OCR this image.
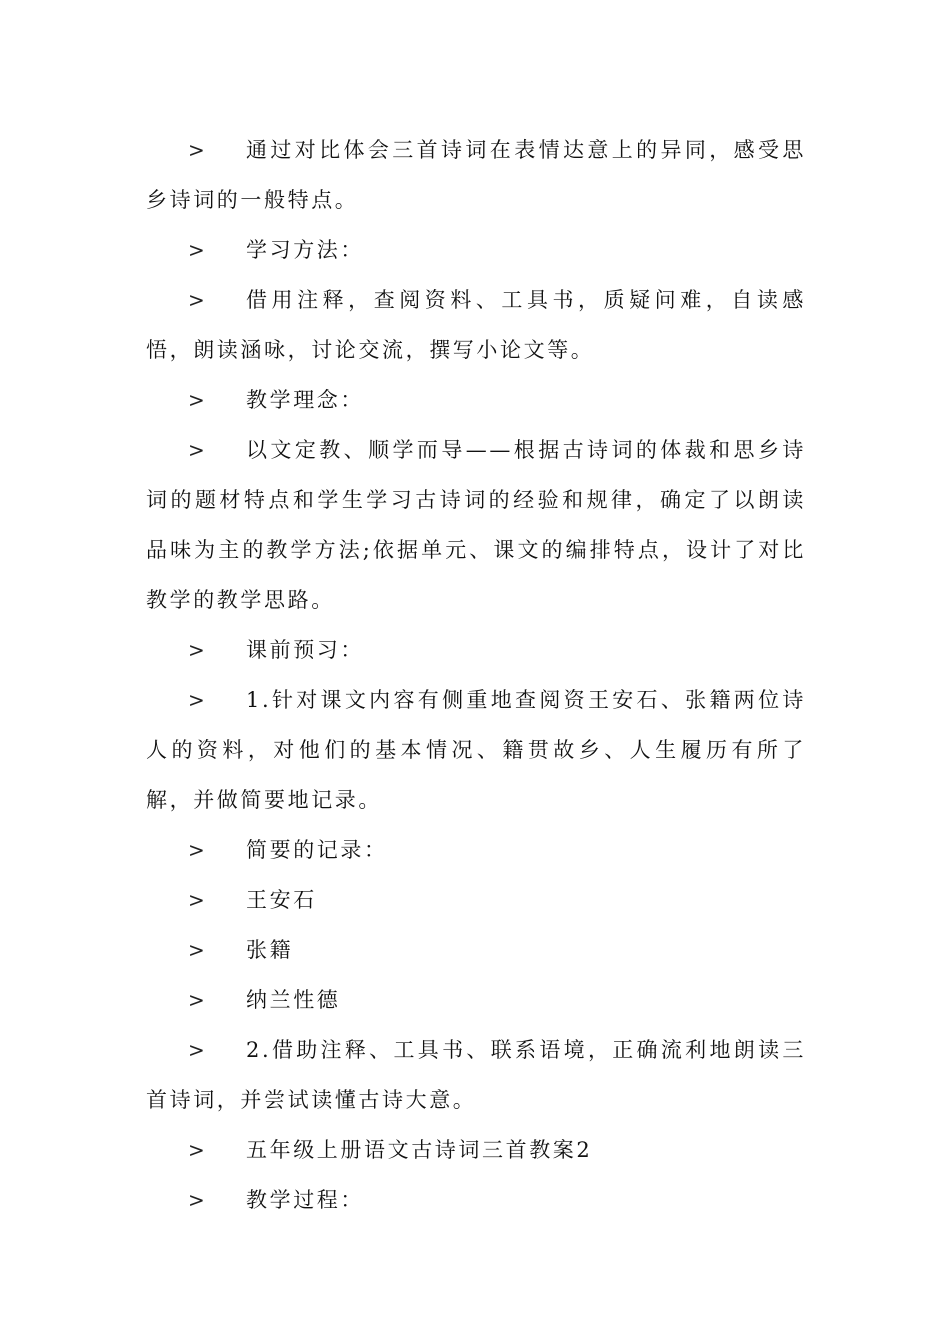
> 通过对比体会三首诗词在表情达意上的异同，感受思乡诗词的一般特点。

> 学习方法：

> 借用注释，查阅资料、工具书，质疑问难，自读感悟，朗读涵咏，讨论交流，撰写小论文等。

> 教学理念：

> 以文定教、顺学而导——根据古诗词的体裁和思乡诗词的题材特点和学生学习古诗词的经验和规律，确定了以朗读品味为主的教学方法;依据单元、课文的编排特点，设计了对比教学的教学思路。

> 课前预习：

> 1.针对课文内容有侧重地查阅资王安石、张籍两位诗人的资料，对他们的基本情况、籍贯故乡、人生履历有所了解，并做简要地记录。

> 简要的记录：

> 王安石

> 张籍

> 纳兰性德

> 2.借助注释、工具书、联系语境，正确流利地朗读三首诗词，并尝试读懂古诗大意。

> 五年级上册语文古诗词三首教案2

> 教学过程：
